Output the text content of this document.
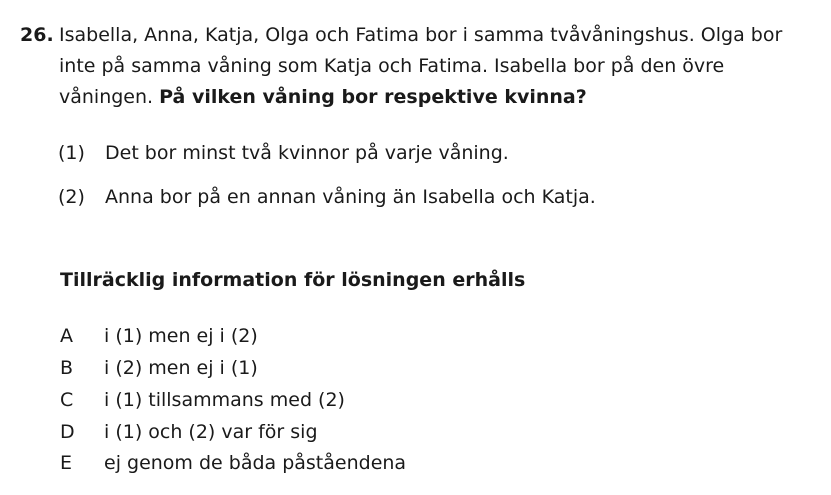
26. Isabella, Anna, Katja, Olga och Fatima bor i samma tvåvåningshus. Olga bor inte på samma våning som Katja och Fatima. Isabella bor på den övre våningen. På vilken våning bor respektive kvinna?
(1) Det bor minst två kvinnor på varje våning.
(2) Anna bor på en annan våning än Isabella och Katja.
Tillräcklig information för lösningen erhålls
A i (1) men ej i (2)
B i (2) men ej i (1)
C i (1) tillsammans med (2)
D i (1) och (2) var för sig
E ej genom de båda påståendena
